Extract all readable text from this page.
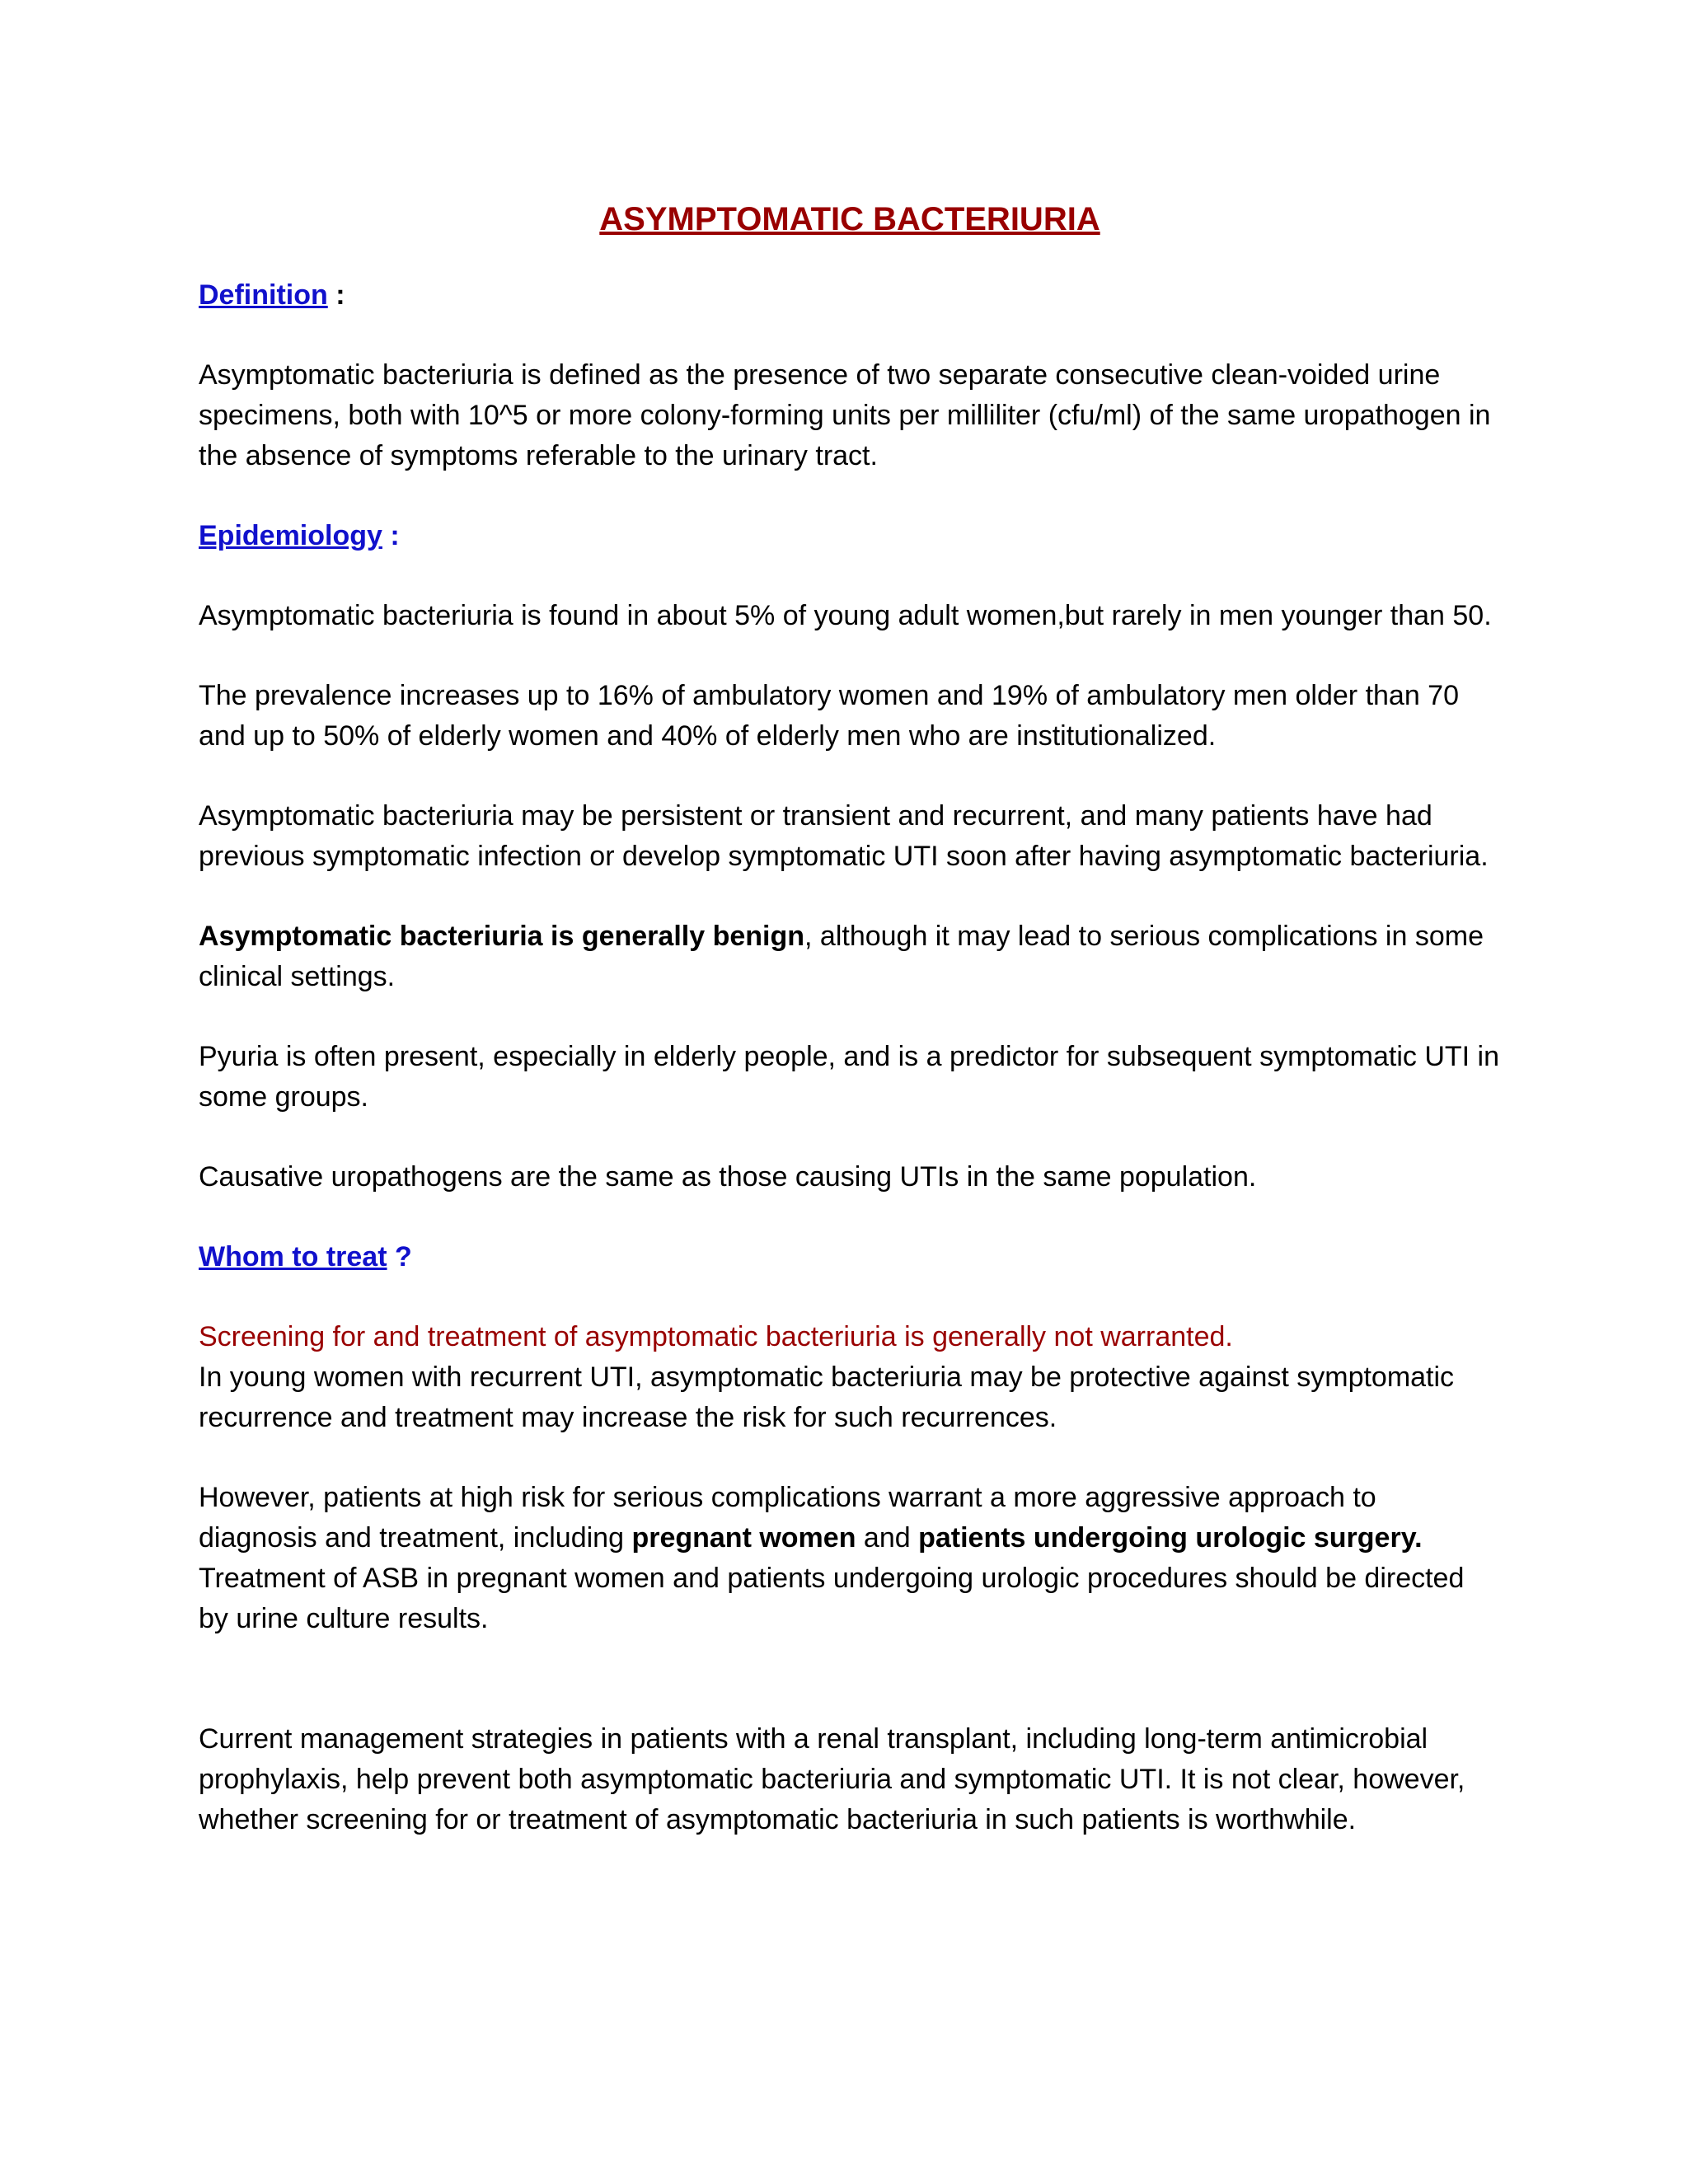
ASYMPTOMATIC BACTERIURIA
Definition :

Asymptomatic bacteriuria is defined as the presence of two separate consecutive clean-voided urine specimens, both with 10^5 or more colony-forming units per milliliter (cfu/ml) of the same uropathogen in the absence of symptoms referable to the urinary tract.

Epidemiology :

Asymptomatic bacteriuria is found in about 5% of young adult women,but rarely in men younger than 50.

The prevalence increases up to 16% of ambulatory women and 19% of ambulatory men older than 70 and up to 50% of elderly women and 40% of elderly men who are institutionalized.

Asymptomatic bacteriuria may be persistent or transient and recurrent, and many patients have had previous symptomatic infection or develop symptomatic UTI soon after having asymptomatic bacteriuria.

Asymptomatic bacteriuria is generally benign, although it may lead to serious complications in some clinical settings.

Pyuria is often present, especially in elderly people, and is a predictor for subsequent symptomatic UTI in some groups.

Causative uropathogens are the same as those causing UTIs in the same population.

Whom to treat ?

Screening for and treatment of asymptomatic bacteriuria is generally not warranted.

In young women with recurrent UTI, asymptomatic bacteriuria may be protective against symptomatic recurrence and treatment may increase the risk for such recurrences.

However, patients at high risk for serious complications warrant a more aggressive approach to diagnosis and treatment, including pregnant women and patients undergoing urologic surgery. Treatment of ASB in pregnant women and patients undergoing urologic procedures should be directed by urine culture results.

Current management strategies in patients with a renal transplant, including long-term antimicrobial prophylaxis, help prevent both asymptomatic bacteriuria and symptomatic UTI. It is not clear, however, whether screening for or treatment of asymptomatic bacteriuria in such patients is worthwhile.
